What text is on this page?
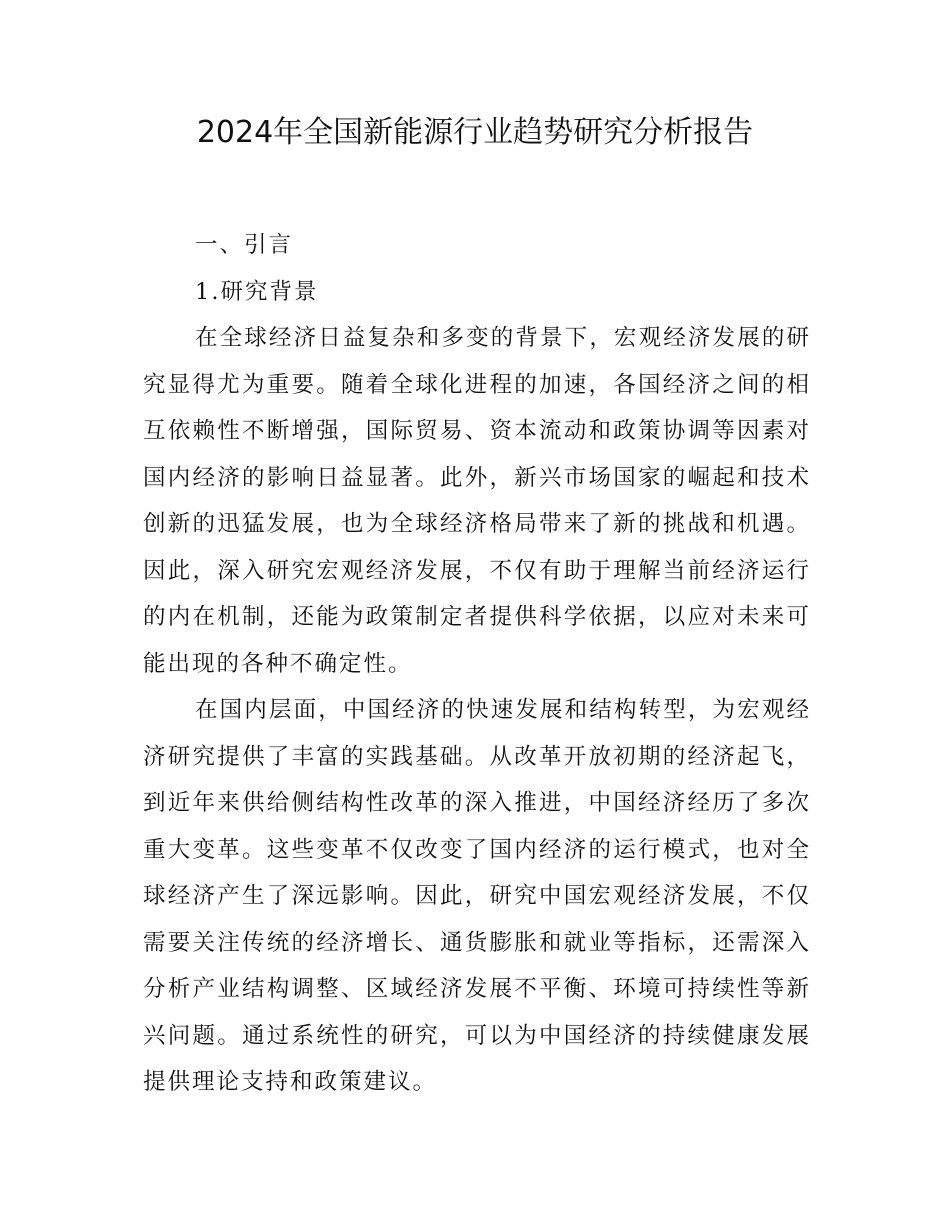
2024年全国新能源行业趋势研究分析报告
一、引言
1.研究背景

在全球经济日益复杂和多变的背景下，宏观经济发展的研究显得尤为重要。随着全球化进程的加速，各国经济之间的相互依赖性不断增强，国际贸易、资本流动和政策协调等因素对国内经济的影响日益显著。此外，新兴市场国家的崛起和技术创新的迅猛发展，也为全球经济格局带来了新的挑战和机遇。因此，深入研究宏观经济发展，不仅有助于理解当前经济运行的内在机制，还能为政策制定者提供科学依据，以应对未来可能出现的各种不确定性。

在国内层面，中国经济的快速发展和结构转型，为宏观经济研究提供了丰富的实践基础。从改革开放初期的经济起飞，到近年来供给侧结构性改革的深入推进，中国经济经历了多次重大变革。这些变革不仅改变了国内经济的运行模式，也对全球经济产生了深远影响。因此，研究中国宏观经济发展，不仅需要关注传统的经济增长、通货膨胀和就业等指标，还需深入分析产业结构调整、区域经济发展不平衡、环境可持续性等新兴问题。通过系统性的研究，可以为中国经济的持续健康发展提供理论支持和政策建议。
